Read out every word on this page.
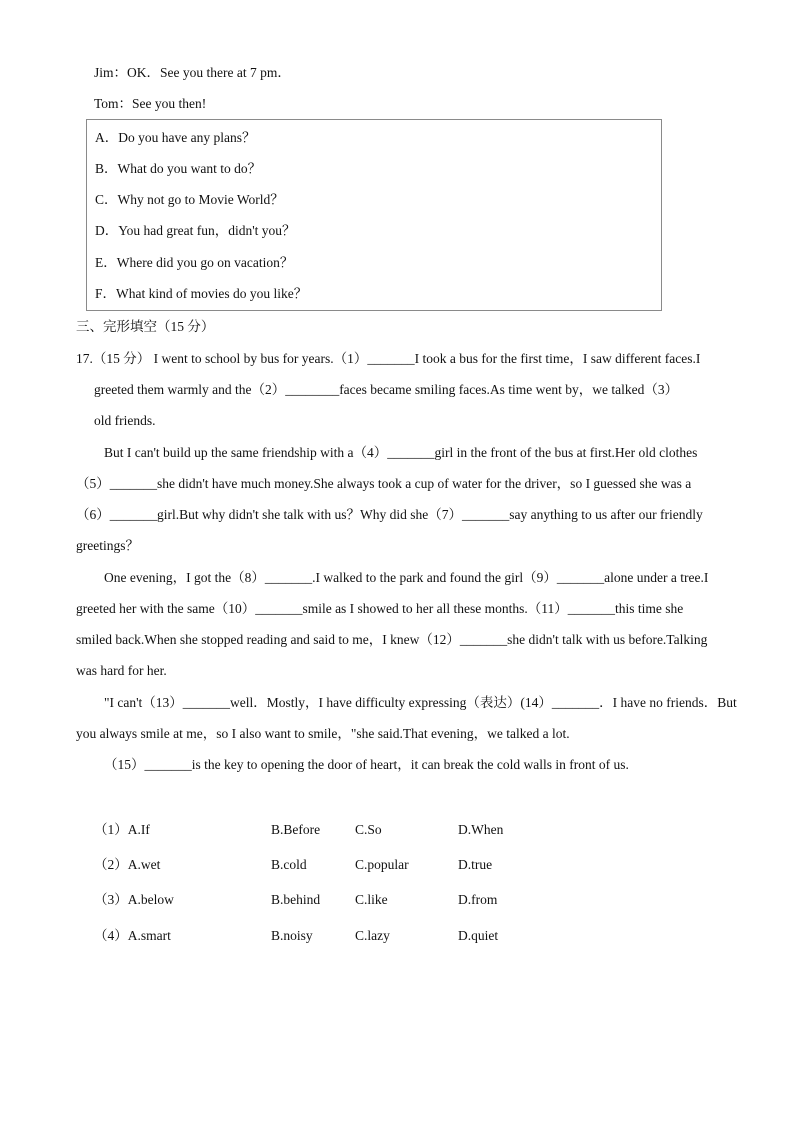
Jim：OK．See you there at 7 pm．
Tom：See you then!
A．Do you have any plans？
B．What do you want to do？
C．Why not go to Movie World？
D．You had great fun，didn't you？
E．Where did you go on vacation？
F．What kind of movies do you like？
三、完形填空（15 分）
17.（15 分） I went to school by bus for years.（1）_______I took a bus for the first time，I saw different faces.I
greeted them warmly and the（2）________faces became smiling faces.As time went by，we talked（3）
old friends.
But I can't build up the same friendship with a（4）_______girl in the front of the bus at first.Her old clothes
（5）_______she didn't have much money.She always took a cup of water for the driver，so I guessed she was a
（6）_______girl.But why didn't she talk with us？Why did she（7）_______say anything to us after our friendly
greetings？
One evening，I got the（8）_______.I walked to the park and found the girl（9）_______alone under a tree.I
greeted her with the same（10）_______smile as I showed to her all these months.（11）_______this time she
smiled back.When she stopped reading and said to me，I knew（12）_______she didn't talk with us before.Talking
was hard for her.
"I can't（13）_______well．Mostly，I have difficulty expressing（表达）(14）_______．I have no friends．But
you always smile at me，so I also want to smile，"she said.That evening，we talked a lot.
（15）_______is the key to opening the door of heart，it can break the cold walls in front of us.
（1）A.If	B.Before	C.So	D.When
（2）A.wet	B.cold	C.popular	D.true
（3）A.below	B.behind	C.like	D.from
（4）A.smart	B.noisy	C.lazy	D.quiet
